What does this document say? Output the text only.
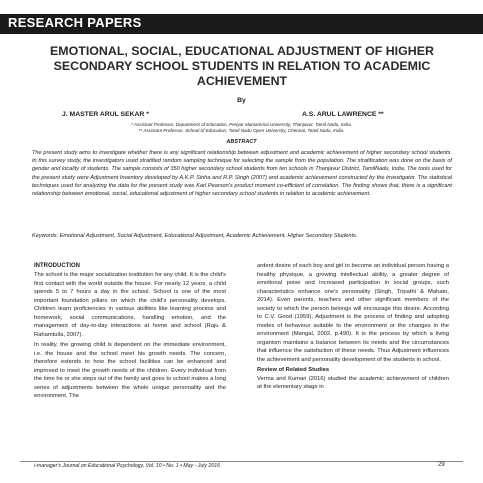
RESEARCH PAPERS
EMOTIONAL, SOCIAL, EDUCATIONAL ADJUSTMENT OF HIGHER SECONDARY SCHOOL STUDENTS IN RELATION TO ACADEMIC ACHIEVEMENT
By
J. MASTER ARUL SEKAR *	A.S. ARUL LAWRENCE **
* Assistant Professor, Department of Education, Periyar Maniammai University, Thanjavur, Tamil Nadu, India.
** Assistant Professor, School of Education, Tamil Nadu Open University, Chennai, Tamil Nadu, India.
ABSTRACT
The present study aims to investigate whether there is any significant relationship between adjustment and academic achievement of higher secondary school students. In this survey study, the investigators used stratified random sampling technique for selecting the sample from the population. The stratification was done on the basis of gender and locality of students. The sample consists of 350 higher secondary school students from ten schools in Thanjavur District, TamilNadu, India. The tools used for the present study were Adjustment Inventory developed by A.K.P. Sinha and R.P. Singh (2007) and academic achievement constructed by the investigator. The statistical techniques used for analyzing the data for the present study was Karl Pearson's product moment co-efficient of correlation. The finding shows that, there is a significant relationship between emotional, social, educational adjustment of higher secondary school students in relation to academic achievement.
Keywords: Emotional Adjustment, Social Adjustment, Educational Adjustment, Academic Achievement, Higher Secondary Students.
INTRODUCTION

The school is the major socialization institution for any child. It is the child's first contact with the world outside the house. For nearly 12 years, a child spends 5 to 7 hours a day in the school. School is one of the most important foundation pillars on which the child's personality develops. Children learn proficiencies in various abilities like learning process and homework, social communications, handling emotion, and the management of day-to-day interactions at home and school (Raju & Rahamtulla, 2007).

In reality, the growing child is dependent on the immediate environment, i.e. the house and the school meet his growth needs. The concern, therefore extends to how the school facilities can be enhanced and improved to meet the growth needs of the children. Every individual from the time he or she steps out of the family and goes to school makes a long series of adjustments between the whole unique personality and the environment. The

ardent desire of each boy and girl to become an individual person having a healthy physique, a growing intellectual ability, a greater degree of emotional poise and increased participation in social groups, such characteristics enhance one's personality (Singh, Tripathi & Mahato, 2014). Even parents, teachers and other significant members of the society to which the person belongs will encourage this desire. According to C.V. Good (1959), Adjustment is the process of finding and adopting modes of behaviour suitable to the environment or the changes in the environment (Mangal, 2002, p.490). It is the process by which a living organism maintains a balance between its needs and the circumstances that influence the satisfaction of these needs. Thus Adjustment influences the achievement and personality development of the students in school.

Review of Related Studies

Verma and Kumari (2016) studied the academic achievement of children at the elementary stage in

i-manager's Journal on Educational Psychology, Vol. 10 • No. 1 • May - July 2016	29
